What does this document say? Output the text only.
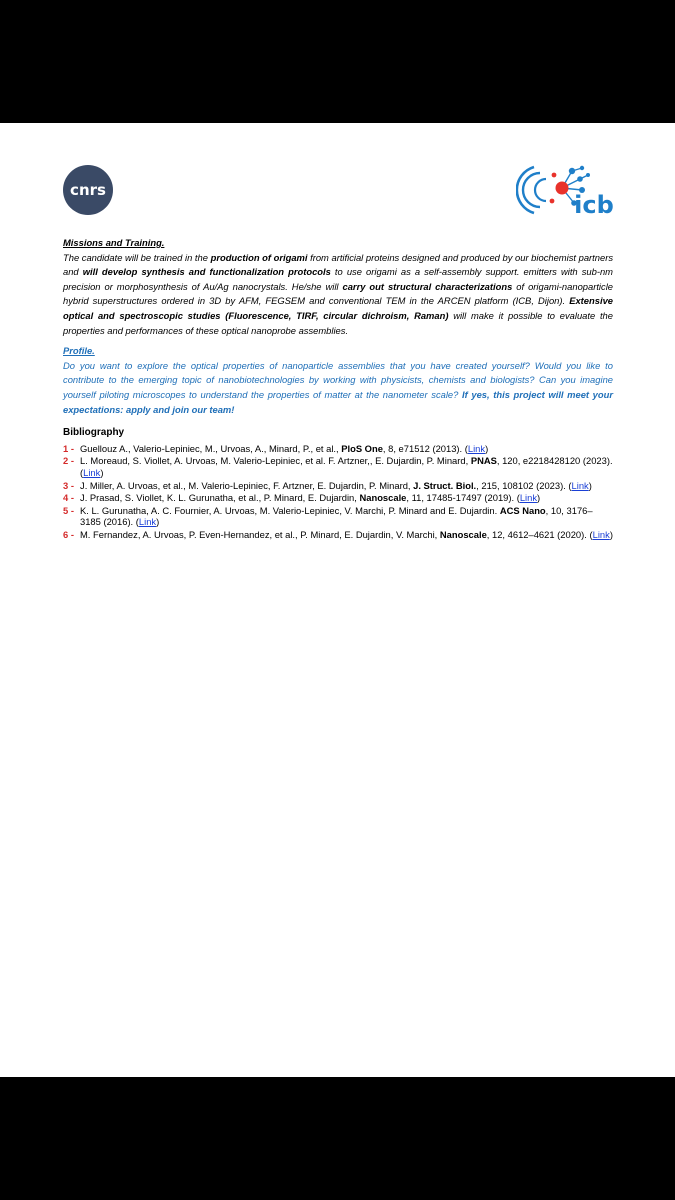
cnrs
icb
Missions and Training.

The candidate will be trained in the production of origami from artificial proteins designed and produced by our biochemist partners and will develop synthesis and functionalization protocols to use origami as a self-assembly support. emitters with sub-nm precision or morphosynthesis of Au/Ag nanocrystals. He/she will carry out structural characterizations of origami-nanoparticle hybrid superstructures ordered in 3D by AFM, FEGSEM and conventional TEM in the ARCEN platform (ICB, Dijon). Extensive optical and spectroscopic studies (Fluorescence, TIRF, circular dichroism, Raman) will make it possible to evaluate the properties and performances of these optical nanoprobe assemblies.

Profile.

Do you want to explore the optical properties of nanoparticle assemblies that you have created yourself? Would you like to contribute to the emerging topic of nanobiotechnologies by working with physicists, chemists and biologists? Can you imagine yourself piloting microscopes to understand the properties of matter at the nanometer scale? If yes, this project will meet your expectations: apply and join our team!

Bibliography
1 - Guellouz A., Valerio-Lepiniec, M., Urvoas, A., Minard, P., et al., PloS One, 8, e71512 (2013). (Link)
2 - L. Moreaud, S. Viollet, A. Urvoas, M. Valerio-Lepiniec, et al. F. Artzner,, E. Dujardin, P. Minard, PNAS, 120, e2218428120 (2023). (Link)
3 - J. Miller, A. Urvoas, et al., M. Valerio-Lepiniec, F. Artzner, E. Dujardin, P. Minard, J. Struct. Biol., 215, 108102 (2023). (Link)
4 - J. Prasad, S. Viollet, K. L. Gurunatha, et al., P. Minard, E. Dujardin, Nanoscale, 11, 17485-17497 (2019). (Link)
5 - K. L. Gurunatha, A. C. Fournier, A. Urvoas, M. Valerio-Lepiniec, V. Marchi, P. Minard and E. Dujardin. ACS Nano, 10, 3176–3185 (2016). (Link)
6 - M. Fernandez, A. Urvoas, P. Even-Hernandez, et al., P. Minard, E. Dujardin, V. Marchi, Nanoscale, 12, 4612–4621 (2020). (Link)
